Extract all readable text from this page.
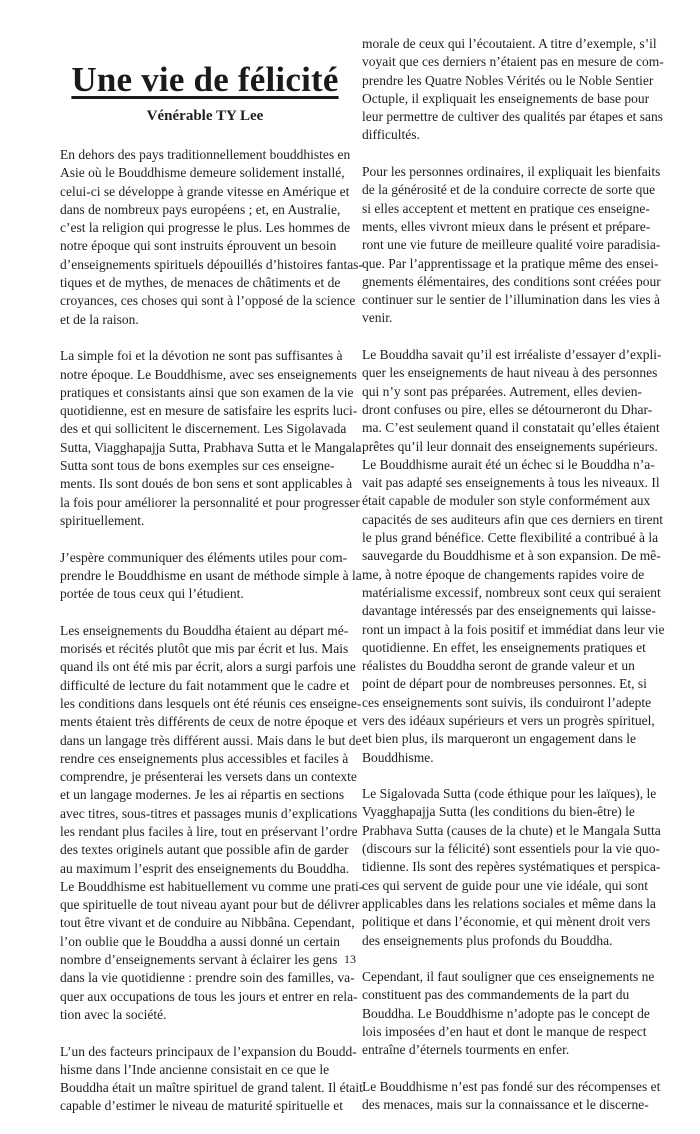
Une vie de félicité
Vénérable TY Lee

En dehors des pays traditionnellement bouddhistes en
Asie où le Bouddhisme demeure solidement installé,
celui-ci se développe à grande vitesse en Amérique et
dans de nombreux pays européens ; et, en Australie,
c’est la religion qui progresse le plus. Les hommes de
notre époque qui sont instruits éprouvent un besoin
d’enseignements spirituels dépouillés d’histoires fantas-
tiques et de mythes, de menaces de châtiments et de
croyances, ces choses qui sont à l’opposé de la science
et de la raison.

La simple foi et la dévotion ne sont pas suffisantes à
notre époque. Le Bouddhisme, avec ses enseignements
pratiques et consistants ainsi que son examen de la vie
quotidienne, est en mesure de satisfaire les esprits luci-
des et qui sollicitent le discernement. Les Sigolavada
Sutta, Viagghapajja Sutta, Prabhava Sutta et le Mangala
Sutta sont tous de bons exemples sur ces enseigne-
ments. Ils sont doués de bon sens et sont applicables à
la fois pour améliorer la personnalité et pour progresser
spirituellement.

J’espère communiquer des éléments utiles pour com-
prendre le Bouddhisme en usant de méthode simple à la
portée de tous ceux qui l’étudient.

Les enseignements du Bouddha étaient au départ mé-
morisés et récités plutôt que mis par écrit et lus. Mais
quand ils ont été mis par écrit, alors a surgi parfois une
difficulté de lecture du fait notamment que le cadre et
les conditions dans lesquels ont été réunis ces enseigne-
ments étaient très différents de ceux de notre époque et
dans un langage très différent aussi. Mais dans le but de
rendre ces enseignements plus accessibles et faciles à
comprendre, je présenterai les versets dans un contexte
et un langage modernes. Je les ai répartis en sections
avec titres, sous-titres et passages munis d’explications
les rendant plus faciles à lire, tout en préservant l’ordre
des textes originels autant que possible afin de garder
au maximum l’esprit des enseignements du Bouddha.
Le Bouddhisme est habituellement vu comme une prati-
que spirituelle de tout niveau ayant pour but de délivrer
tout être vivant et de conduire au Nibbâna. Cependant,
l’on oublie que le Bouddha a aussi donné un certain
nombre d’enseignements servant à éclairer les gens
dans la vie quotidienne : prendre soin des familles, va-
quer aux occupations de tous les jours et entrer en rela-
tion avec la société.

L’un des facteurs principaux de l’expansion du Boudd-
hisme dans l’Inde ancienne consistait en ce que le
Bouddha était un maître spirituel de grand talent. Il était
capable d’estimer le niveau de maturité spirituelle et

morale de ceux qui l’écoutaient. A titre d’exemple, s’il
voyait que ces derniers n’étaient pas en mesure de com-
prendre les Quatre Nobles Vérités ou le Noble Sentier
Octuple, il expliquait les enseignements de base pour
leur permettre de cultiver des qualités par étapes et sans
difficultés.

Pour les personnes ordinaires, il expliquait les bienfaits
de la générosité et de la conduire correcte de sorte que
si elles acceptent et mettent en pratique ces enseigne-
ments, elles vivront mieux dans le présent et prépare-
ront une vie future de meilleure qualité voire paradisia-
que. Par l’apprentissage et la pratique même des ensei-
gnements élémentaires, des conditions sont créées pour
continuer sur le sentier de l’illumination dans les vies à
venir.

Le Bouddha savait qu’il est irréaliste d’essayer d’expli-
quer les enseignements de haut niveau à des personnes
qui n’y sont pas préparées. Autrement, elles devien-
dront confuses ou pire, elles se détourneront du Dhar-
ma. C’est seulement quand il constatait qu’elles étaient
prêtes qu’il leur donnait des enseignements supérieurs.
Le Bouddhisme aurait été un échec si le Bouddha n’a-
vait pas adapté ses enseignements à tous les niveaux. Il
était capable de moduler son style conformément aux
capacités de ses auditeurs afin que ces derniers en tirent
le plus grand bénéfice. Cette flexibilité a contribué à la
sauvegarde du Bouddhisme et à son expansion. De mê-
me, à notre époque de changements rapides voire de
matérialisme excessif, nombreux sont ceux qui seraient
davantage intéressés par des enseignements qui laisse-
ront un impact à la fois positif et immédiat dans leur vie
quotidienne. En effet, les enseignements pratiques et
réalistes du Bouddha seront de grande valeur et un
point de départ pour de nombreuses personnes. Et, si
ces enseignements sont suivis, ils conduiront l’adepte
vers des idéaux supérieurs et vers un progrès spirituel,
et bien plus, ils marqueront un engagement dans le
Bouddhisme.

Le Sigalovada Sutta (code éthique pour les laïques), le
Vyagghapajja Sutta (les conditions du bien-être) le
Prabhava Sutta (causes de la chute) et le Mangala Sutta
(discours sur la félicité) sont essentiels pour la vie quo-
tidienne. Ils sont des repères systématiques et perspica-
ces qui servent de guide pour une vie idéale, qui sont
applicables dans les relations sociales et même dans la
politique et dans l’économie, et qui mènent droit vers
des enseignements plus profonds du Bouddha.

Cependant, il faut souligner que ces enseignements ne
constituent pas des commandements de la part du
Bouddha. Le Bouddhisme n’adopte pas le concept de
lois imposées d’en haut et dont le manque de respect
entraîne d’éternels tourments en enfer.

Le Bouddhisme n’est pas fondé sur des récompenses et
des menaces, mais sur la connaissance et le discerne-

13
